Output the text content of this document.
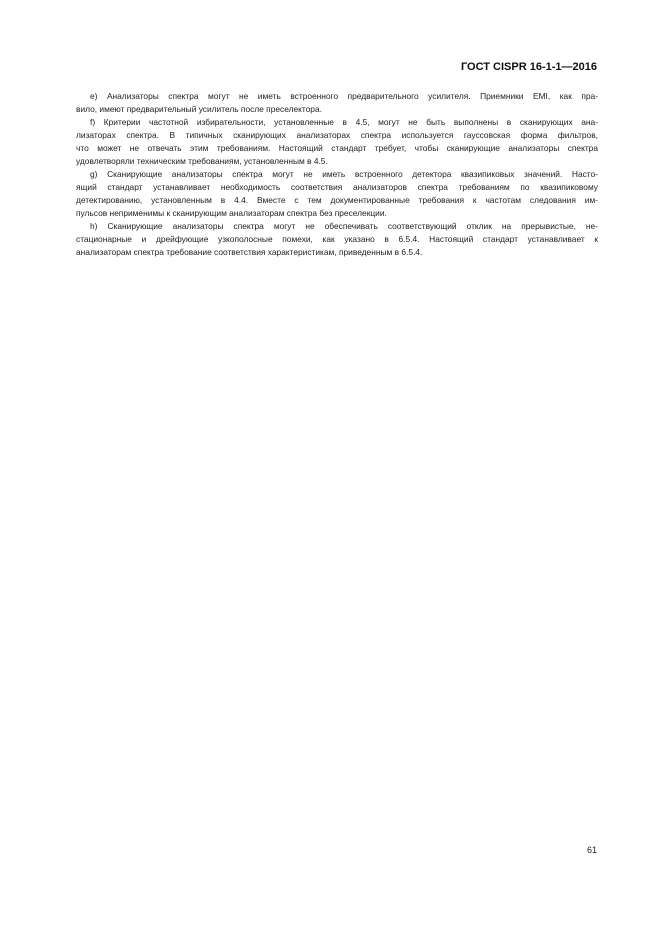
ГОСТ CISPR 16-1-1—2016
e) Анализаторы спектра могут не иметь встроенного предварительного усилителя. Приемники EMI, как пра-
вило, имеют предварительный усилитель после преселектора.
f) Критерии частотной избирательности, установленные в 4.5, могут не быть выполнены в сканирующих ана-
лизаторах спектра. В типичных сканирующих анализаторах спектра используется гауссовская форма фильтров,
что может не отвечать этим требованиям. Настоящий стандарт требует, чтобы сканирующие анализаторы спектра
удовлетворяли техническим требованиям, установленным в 4.5.
g) Сканирующие анализаторы спектра могут не иметь встроенного детектора квазипиковых значений. Насто-
ящий стандарт устанавливает необходимость соответствия анализаторов спектра требованиям по квазипиковому
детектированию, установленным в 4.4. Вместе с тем документированные требования к частотам следования им-
пульсов неприменимы к сканирующим анализаторам спектра без преселекции.
h) Сканирующие анализаторы спектра могут не обеспечивать соответствующий отклик на прерывистые, не-
стационарные и дрейфующие узкополосные помехи, как указано в 6.5.4. Настоящий стандарт устанавливает к
анализаторам спектра требование соответствия характеристикам, приведенным в 6.5.4.
61
